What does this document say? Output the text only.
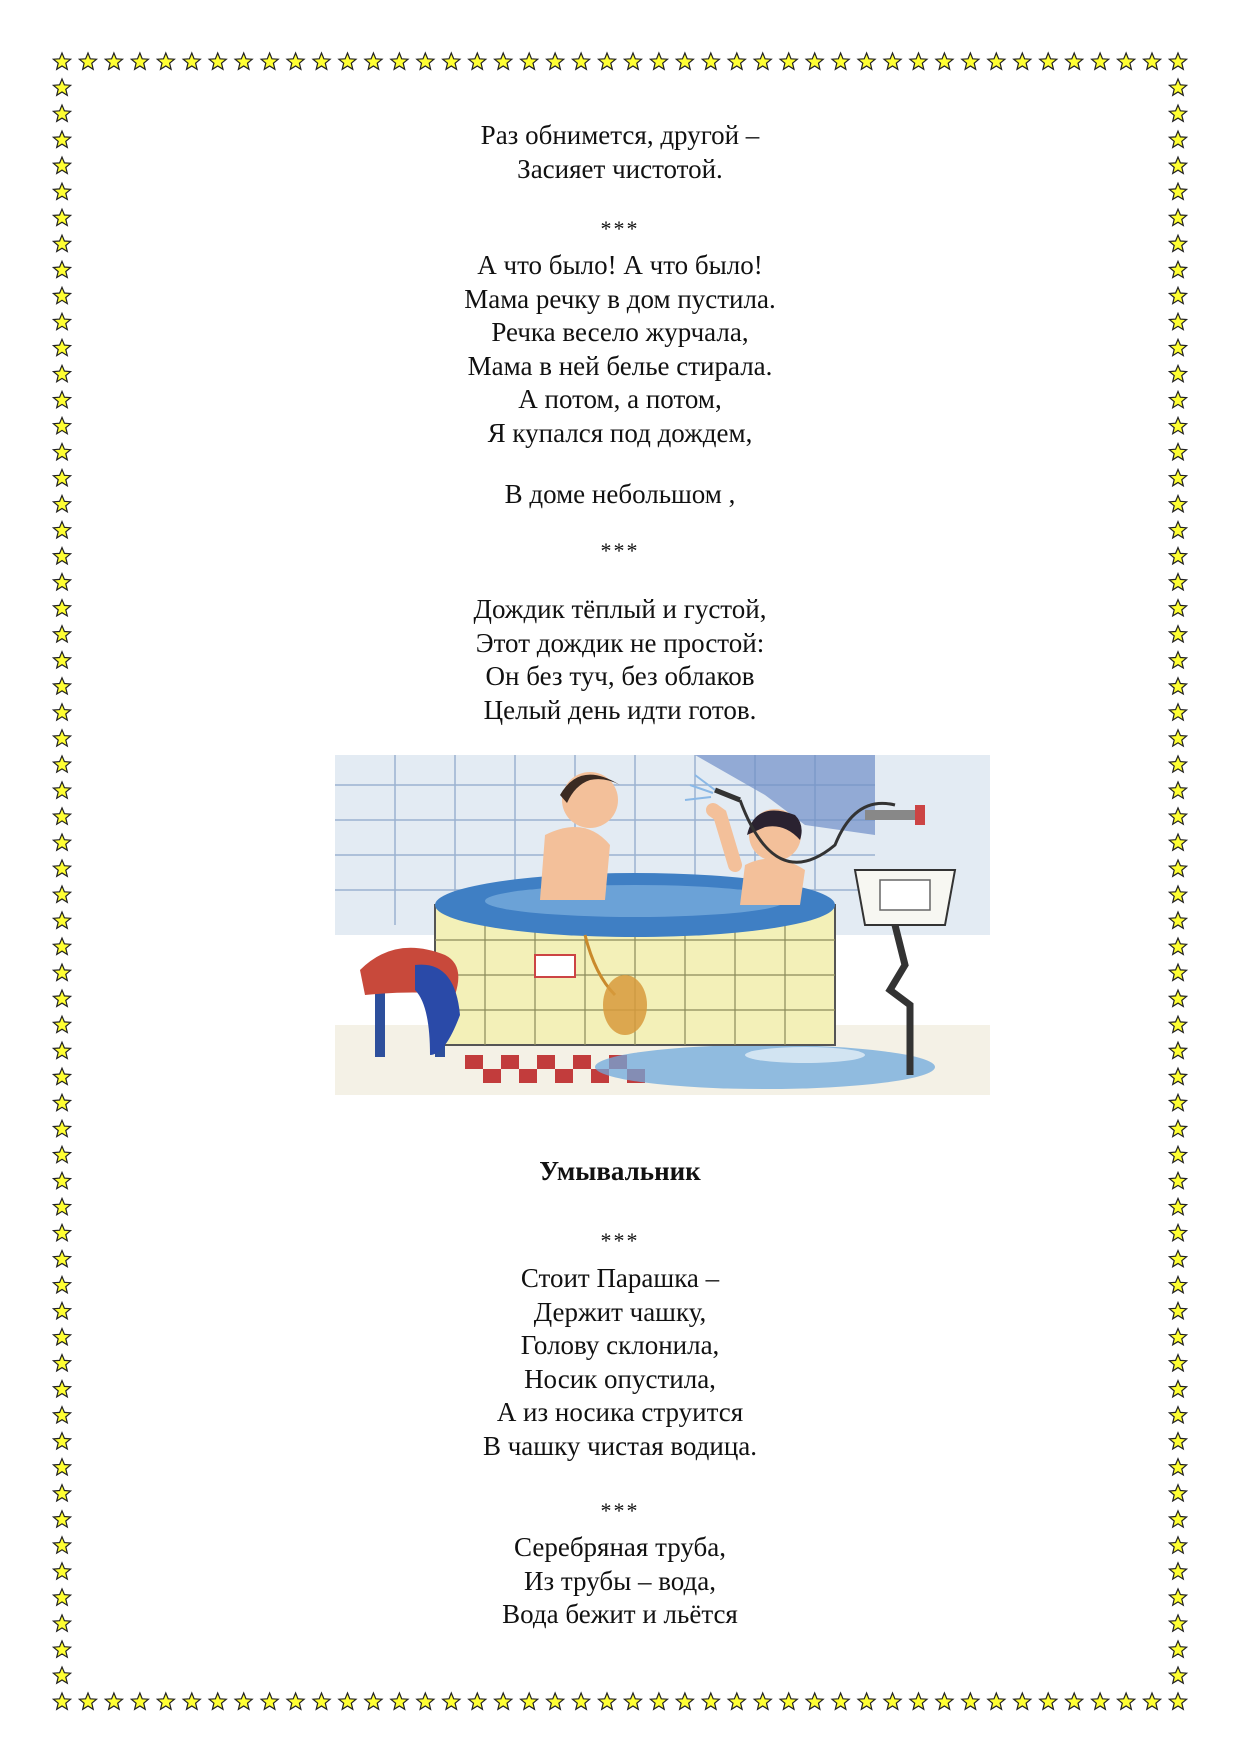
Раз обнимется, другой –
Засияет чистотой.
***
А что было! А что было!
Мама речку в дом пустила.
Речка весело журчала,
Мама в ней белье стирала.
А потом, а потом,
Я купался под дождем,
В доме небольшом ,
***
Дождик тёплый и густой,
Этот дождик не простой:
Он без туч, без облаков
Целый день идти готов.
Умывальник
***
Стоит Парашка –
Держит чашку,
Голову склонила,
Носик опустила,
А из носика струится
В чашку чистая водица.
***
Серебряная труба,
Из трубы – вода,
Вода бежит и льётся
